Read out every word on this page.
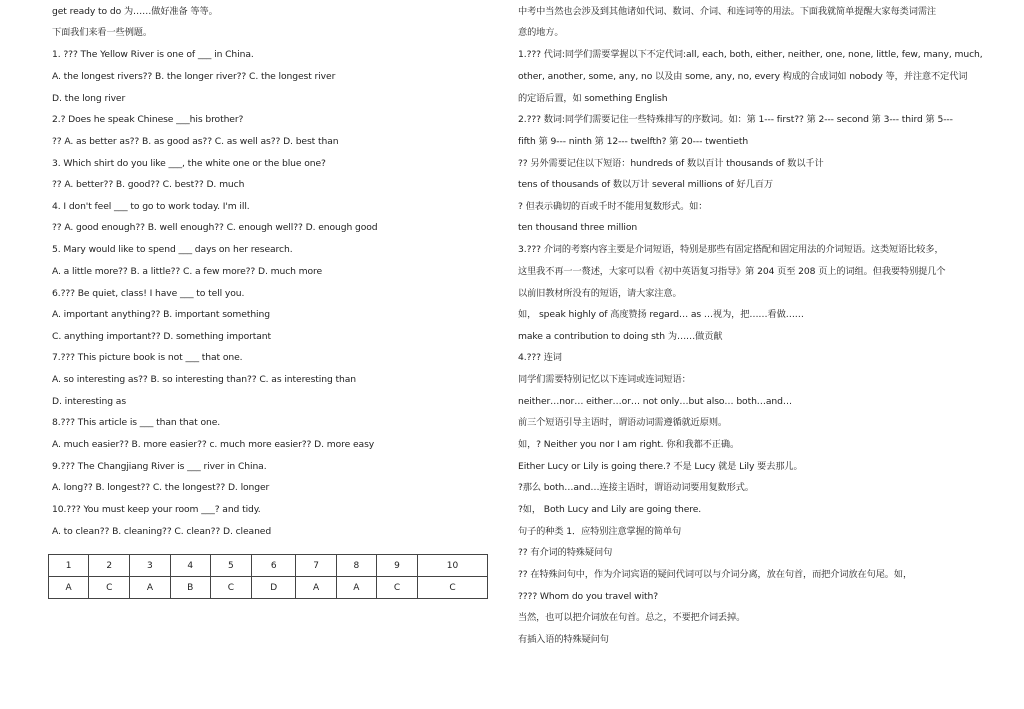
get ready to do 为……做好准备 等等。
下面我们来看一些例题。
1. ??? The Yellow River is one of ___ in China.
A. the longest rivers?? B. the longer river?? C. the longest river
D. the long river
2.? Does he speak Chinese ___his brother?
?? A. as better as?? B. as good as?? C. as well as?? D. best than
3. Which shirt do you like ___, the white one or the blue one?
?? A. better?? B. good?? C. best?? D. much
4. I don't feel ___ to go to work today. I'm ill.
?? A. good enough?? B. well enough?? C. enough well?? D. enough good
5. Mary would like to spend ___ days on her research.
A. a little more?? B. a little?? C. a few more?? D. much more
6.??? Be quiet, class! I have ___ to tell you.
A. important anything?? B. important something
C. anything important?? D. something important
7.??? This picture book is not ___ that one.
A. so interesting as?? B. so interesting than?? C. as interesting than
D. interesting as
8.??? This article is ___ than that one.
A. much easier?? B. more easier?? c. much more easier?? D. more easy
9.??? The Changjiang River is ___ river in China.
A. long?? B. longest?? C. the longest?? D. longer
10.??? You must keep your room ___? and tidy.
A. to clean?? B. cleaning?? C. clean?? D. cleaned
1	2	3	4	5	6	7	8	9	10
A	C	A	B	C	D	A	A	C	C
中考中当然也会涉及到其他诸如代词、数词、介词、和连词等的用法。下面我就简单提醒大家每类词需注
意的地方。
1.??? 代词:同学们需要掌握以下不定代词:all, each, both, either, neither, one, none, little, few, many, much,
other, another, some, any, no 以及由 some, any, no, every 构成的合成词如 nobody 等，并注意不定代词
的定语后置，如 something English
2.??? 数词:同学们需要记住一些特殊排写的序数词。如：第 1--- first?? 第 2--- second 第 3--- third 第 5---
fifth 第 9--- ninth 第 12--- twelfth? 第 20--- twentieth
?? 另外需要记住以下短语：hundreds of 数以百计 thousands of 数以千计
tens of thousands of 数以万计 several millions of 好几百万
? 但表示确切的百或千时不能用复数形式。如：
ten thousand three million
3.??? 介词的考察内容主要是介词短语，特别是那些有固定搭配和固定用法的介词短语。这类短语比较多，
这里我不再一一赘述，大家可以看《初中英语复习指导》第 204 页至 208 页上的词组。但我要特别提几个
以前旧教材所没有的短语，请大家注意。
如， speak highly of 高度赞扬 regard… as …视为，把……看做……
make a contribution to doing sth 为……做贡献
4.??? 连词
同学们需要特别记忆以下连词或连词短语：
neither…nor… either…or… not only…but also… both…and…
前三个短语引导主语时，谓语动词需遵循就近原则。
如，? Neither you nor I am right. 你和我都不正确。
Either Lucy or Lily is going there.? 不是 Lucy 就是 Lily 要去那儿。
?那么 both…and…连接主语时，谓语动词要用复数形式。
?如， Both Lucy and Lily are going there.
句子的种类 1．应特别注意掌握的简单句
?? 有介词的特殊疑问句
?? 在特殊问句中，作为介词宾语的疑问代词可以与介词分离，放在句首，而把介词放在句尾。如，
???? Whom do you travel with?
当然，也可以把介词放在句首。总之，不要把介词丢掉。
有插入语的特殊疑问句
